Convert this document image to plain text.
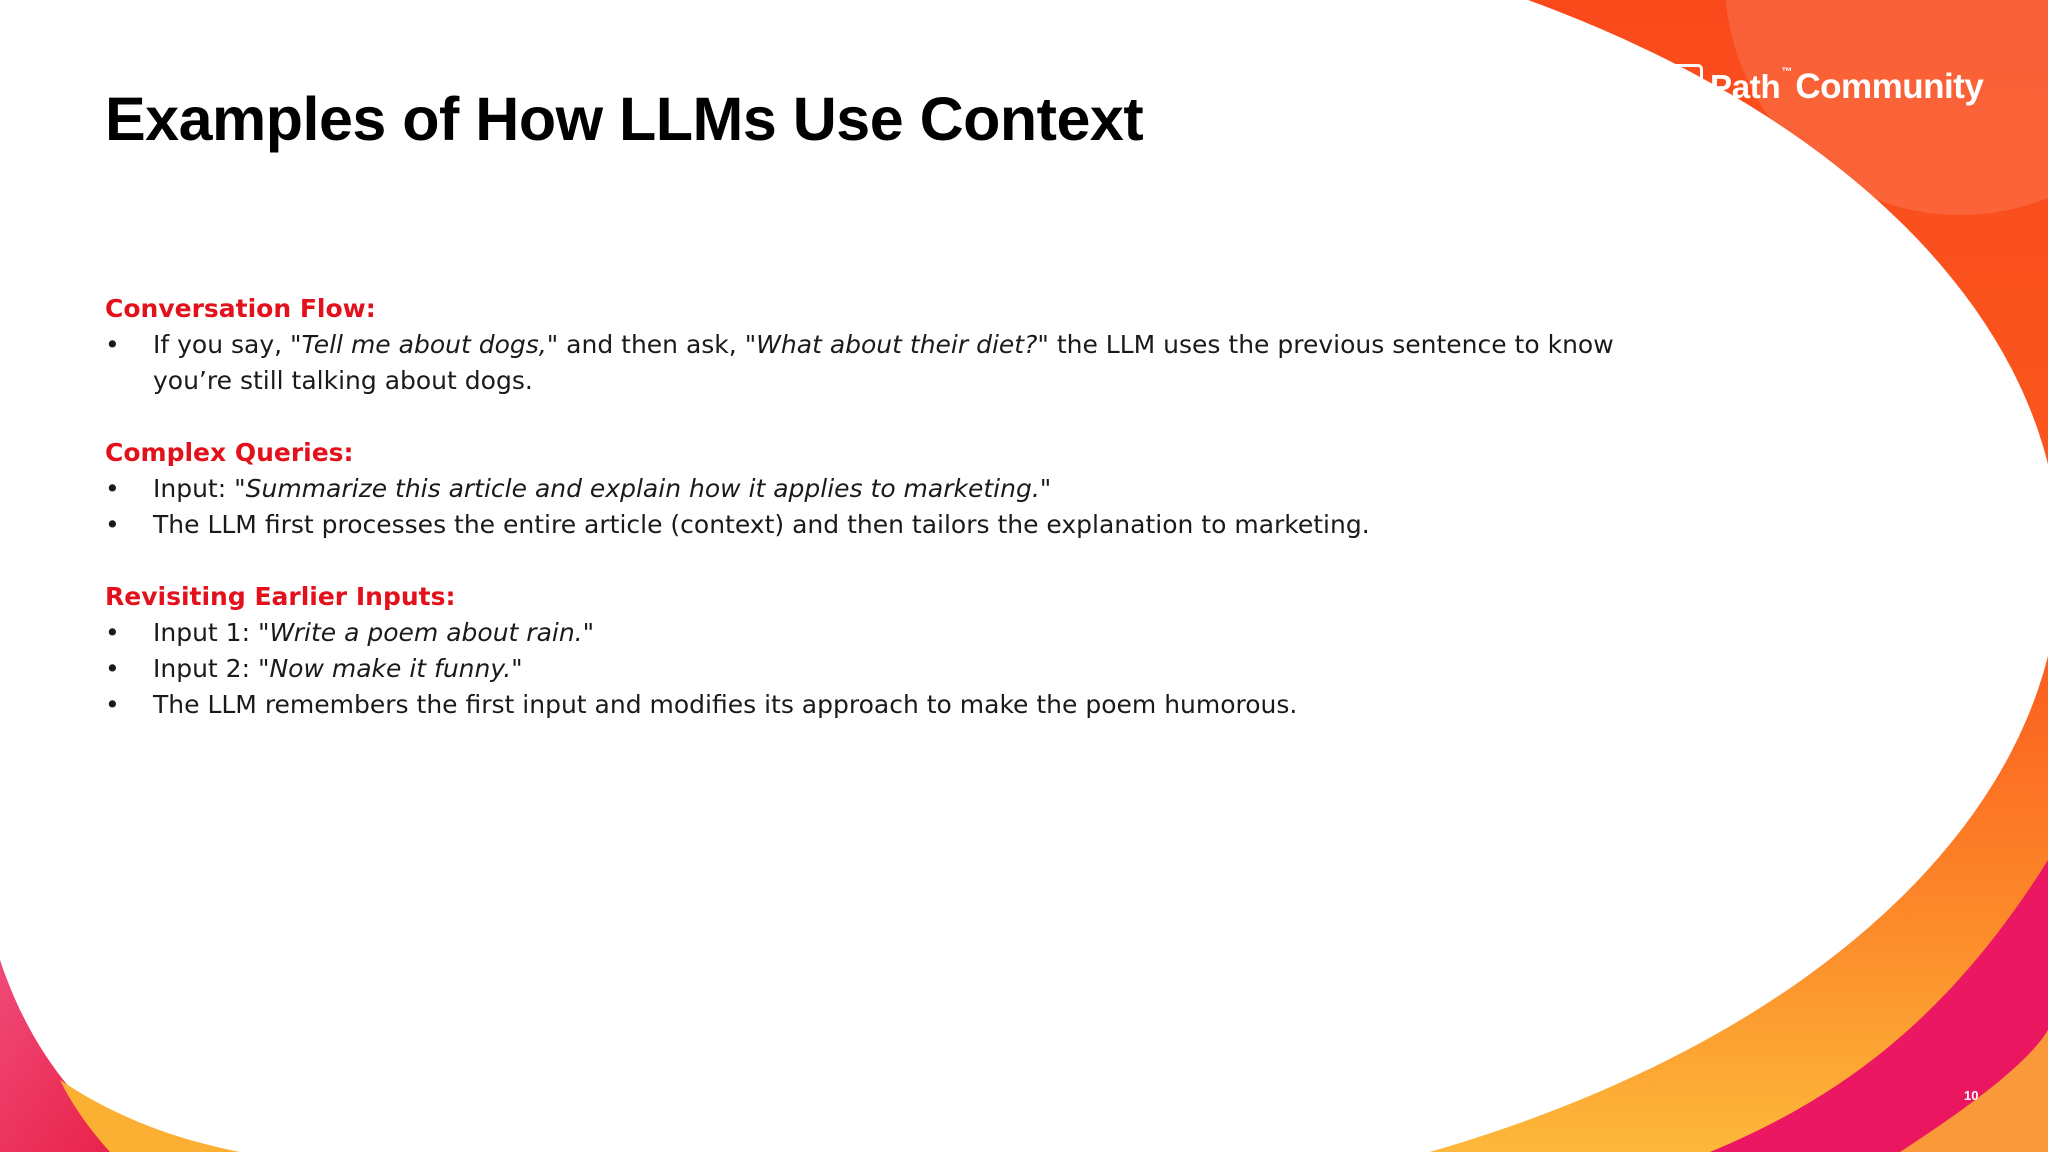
Examples of How LLMs Use Context	Ui Path ™ Community

Conversation Flow:

• If you say, "Tell me about dogs," and then ask, "What about their diet?" the LLM uses the previous sentence to know you’re still talking about dogs.

Complex Queries:

• Input: "Summarize this article and explain how it applies to marketing."
• The LLM first processes the entire article (context) and then tailors the explanation to marketing.

Revisiting Earlier Inputs:

• Input 1: "Write a poem about rain."
• Input 2: "Now make it funny."
• The LLM remembers the first input and modifies its approach to make the poem humorous.
10
